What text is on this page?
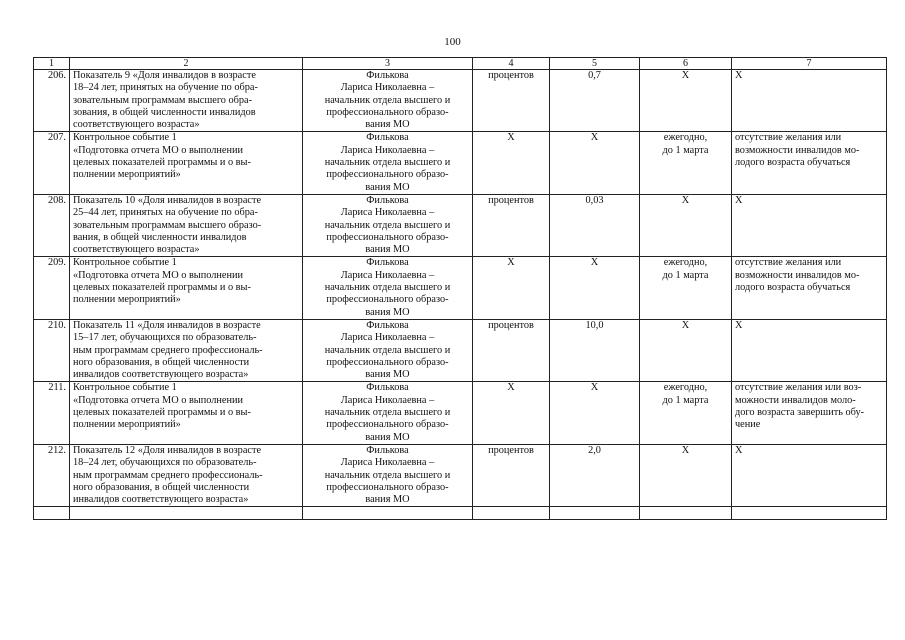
100
1	2	3	4	5	6	7
206.	Показатель 9 «Доля инвалидов в возрасте
18–24 лет, принятых на обучение по обра-
зовательным программам высшего обра-
зования, в общей численности инвалидов
соответствующего возраста»	Филькова
Лариса Николаевна –
начальник отдела высшего и
профессионального образо-
вания МО	процентов	0,7	Х	Х

207.	Контрольное событие 1
«Подготовка отчета МО о выполнении
целевых показателей программы и о вы-
полнении мероприятий»	Филькова
Лариса Николаевна –
начальник отдела высшего и
профессионального образо-
вания МО	Х	Х	ежегодно,
до 1 марта	отсутствие желания или
возможности инвалидов мо-
лодого возраста обучаться

208.	Показатель 10 «Доля инвалидов в возрасте
25–44 лет, принятых на обучение по обра-
зовательным программам высшего образо-
вания, в общей численности инвалидов
соответствующего возраста»	Филькова
Лариса Николаевна –
начальник отдела высшего и
профессионального образо-
вания МО	процентов	0,03	Х	Х

209.	Контрольное событие 1
«Подготовка отчета МО о выполнении
целевых показателей программы и о вы-
полнении мероприятий»	Филькова
Лариса Николаевна –
начальник отдела высшего и
профессионального образо-
вания МО	Х	Х	ежегодно,
до 1 марта	отсутствие желания или
возможности инвалидов мо-
лодого возраста обучаться

210.	Показатель 11 «Доля инвалидов в возрасте
15–17 лет, обучающихся по образователь-
ным программам среднего профессиональ-
ного образования, в общей численности
инвалидов соответствующего возраста»	Филькова
Лариса Николаевна –
начальник отдела высшего и
профессионального образо-
вания МО	процентов	10,0	Х	Х

211.	Контрольное событие 1
«Подготовка отчета МО о выполнении
целевых показателей программы и о вы-
полнении мероприятий»	Филькова
Лариса Николаевна –
начальник отдела высшего и
профессионального образо-
вания МО	Х	Х	ежегодно,
до 1 марта	отсутствие желания или воз-
можности инвалидов моло-
дого возраста завершить обу-
чение

212.	Показатель 12 «Доля инвалидов в возрасте
18–24 лет, обучающихся по образователь-
ным программам среднего профессиональ-
ного образования, в общей численности
инвалидов соответствующего возраста»	Филькова
Лариса Николаевна –
начальник отдела высшего и
профессионального образо-
вания МО	процентов	2,0	Х	Х
